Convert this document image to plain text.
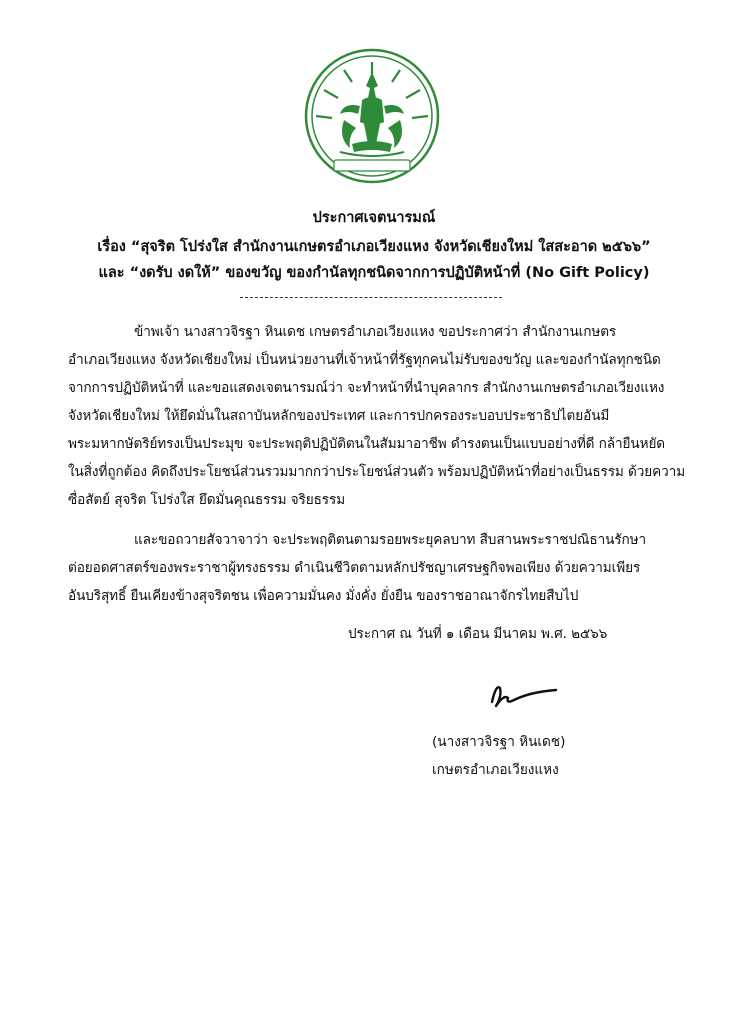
ประกาศเจตนารมณ์
เรื่อง “สุจริต โปร่งใส สำนักงานเกษตรอำเภอเวียงแหง จังหวัดเชียงใหม่ ใสสะอาด ๒๕๖๖”
และ “งดรับ งดให้” ของขวัญ ของกำนัลทุกชนิดจากการปฏิบัติหน้าที่ (No Gift Policy)
ข้าพเจ้า นางสาวจิรฐา หินเดช เกษตรอำเภอเวียงแหง ขอประกาศว่า สำนักงานเกษตร
อำเภอเวียงแหง จังหวัดเชียงใหม่ เป็นหน่วยงานที่เจ้าหน้าที่รัฐทุกคนไม่รับของขวัญ และของกำนัลทุกชนิด
จากการปฏิบัติหน้าที่ และขอแสดงเจตนารมณ์ว่า จะทำหน้าที่นำบุคลากร สำนักงานเกษตรอำเภอเวียงแหง
จังหวัดเชียงใหม่ ให้ยึดมั่นในสถาบันหลักของประเทศ และการปกครองระบอบประชาธิปไตยอันมี
พระมหากษัตริย์ทรงเป็นประมุข จะประพฤติปฏิบัติตนในสัมมาอาชีพ ดำรงตนเป็นแบบอย่างที่ดี กล้ายืนหยัด
ในสิ่งที่ถูกต้อง คิดถึงประโยชน์ส่วนรวมมากกว่าประโยชน์ส่วนตัว พร้อมปฏิบัติหน้าที่อย่างเป็นธรรม ด้วยความ
ซื่อสัตย์ สุจริต โปร่งใส ยึดมั่นคุณธรรม จริยธรรม
และขอถวายสัจวาจาว่า จะประพฤติตนตามรอยพระยุคลบาท สืบสานพระราชปณิธานรักษา
ต่อยอดศาสตร์ของพระราชาผู้ทรงธรรม ดำเนินชีวิตตามหลักปรัชญาเศรษฐกิจพอเพียง ด้วยความเพียร
อันบริสุทธิ์ ยืนเคียงข้างสุจริตชน เพื่อความมั่นคง มั่งคั่ง ยั่งยืน ของราชอาณาจักรไทยสืบไป
ประกาศ ณ วันที่ ๑ เดือน มีนาคม พ.ศ. ๒๕๖๖
(นางสาวจิรฐา หินเดช)
เกษตรอำเภอเวียงแหง
